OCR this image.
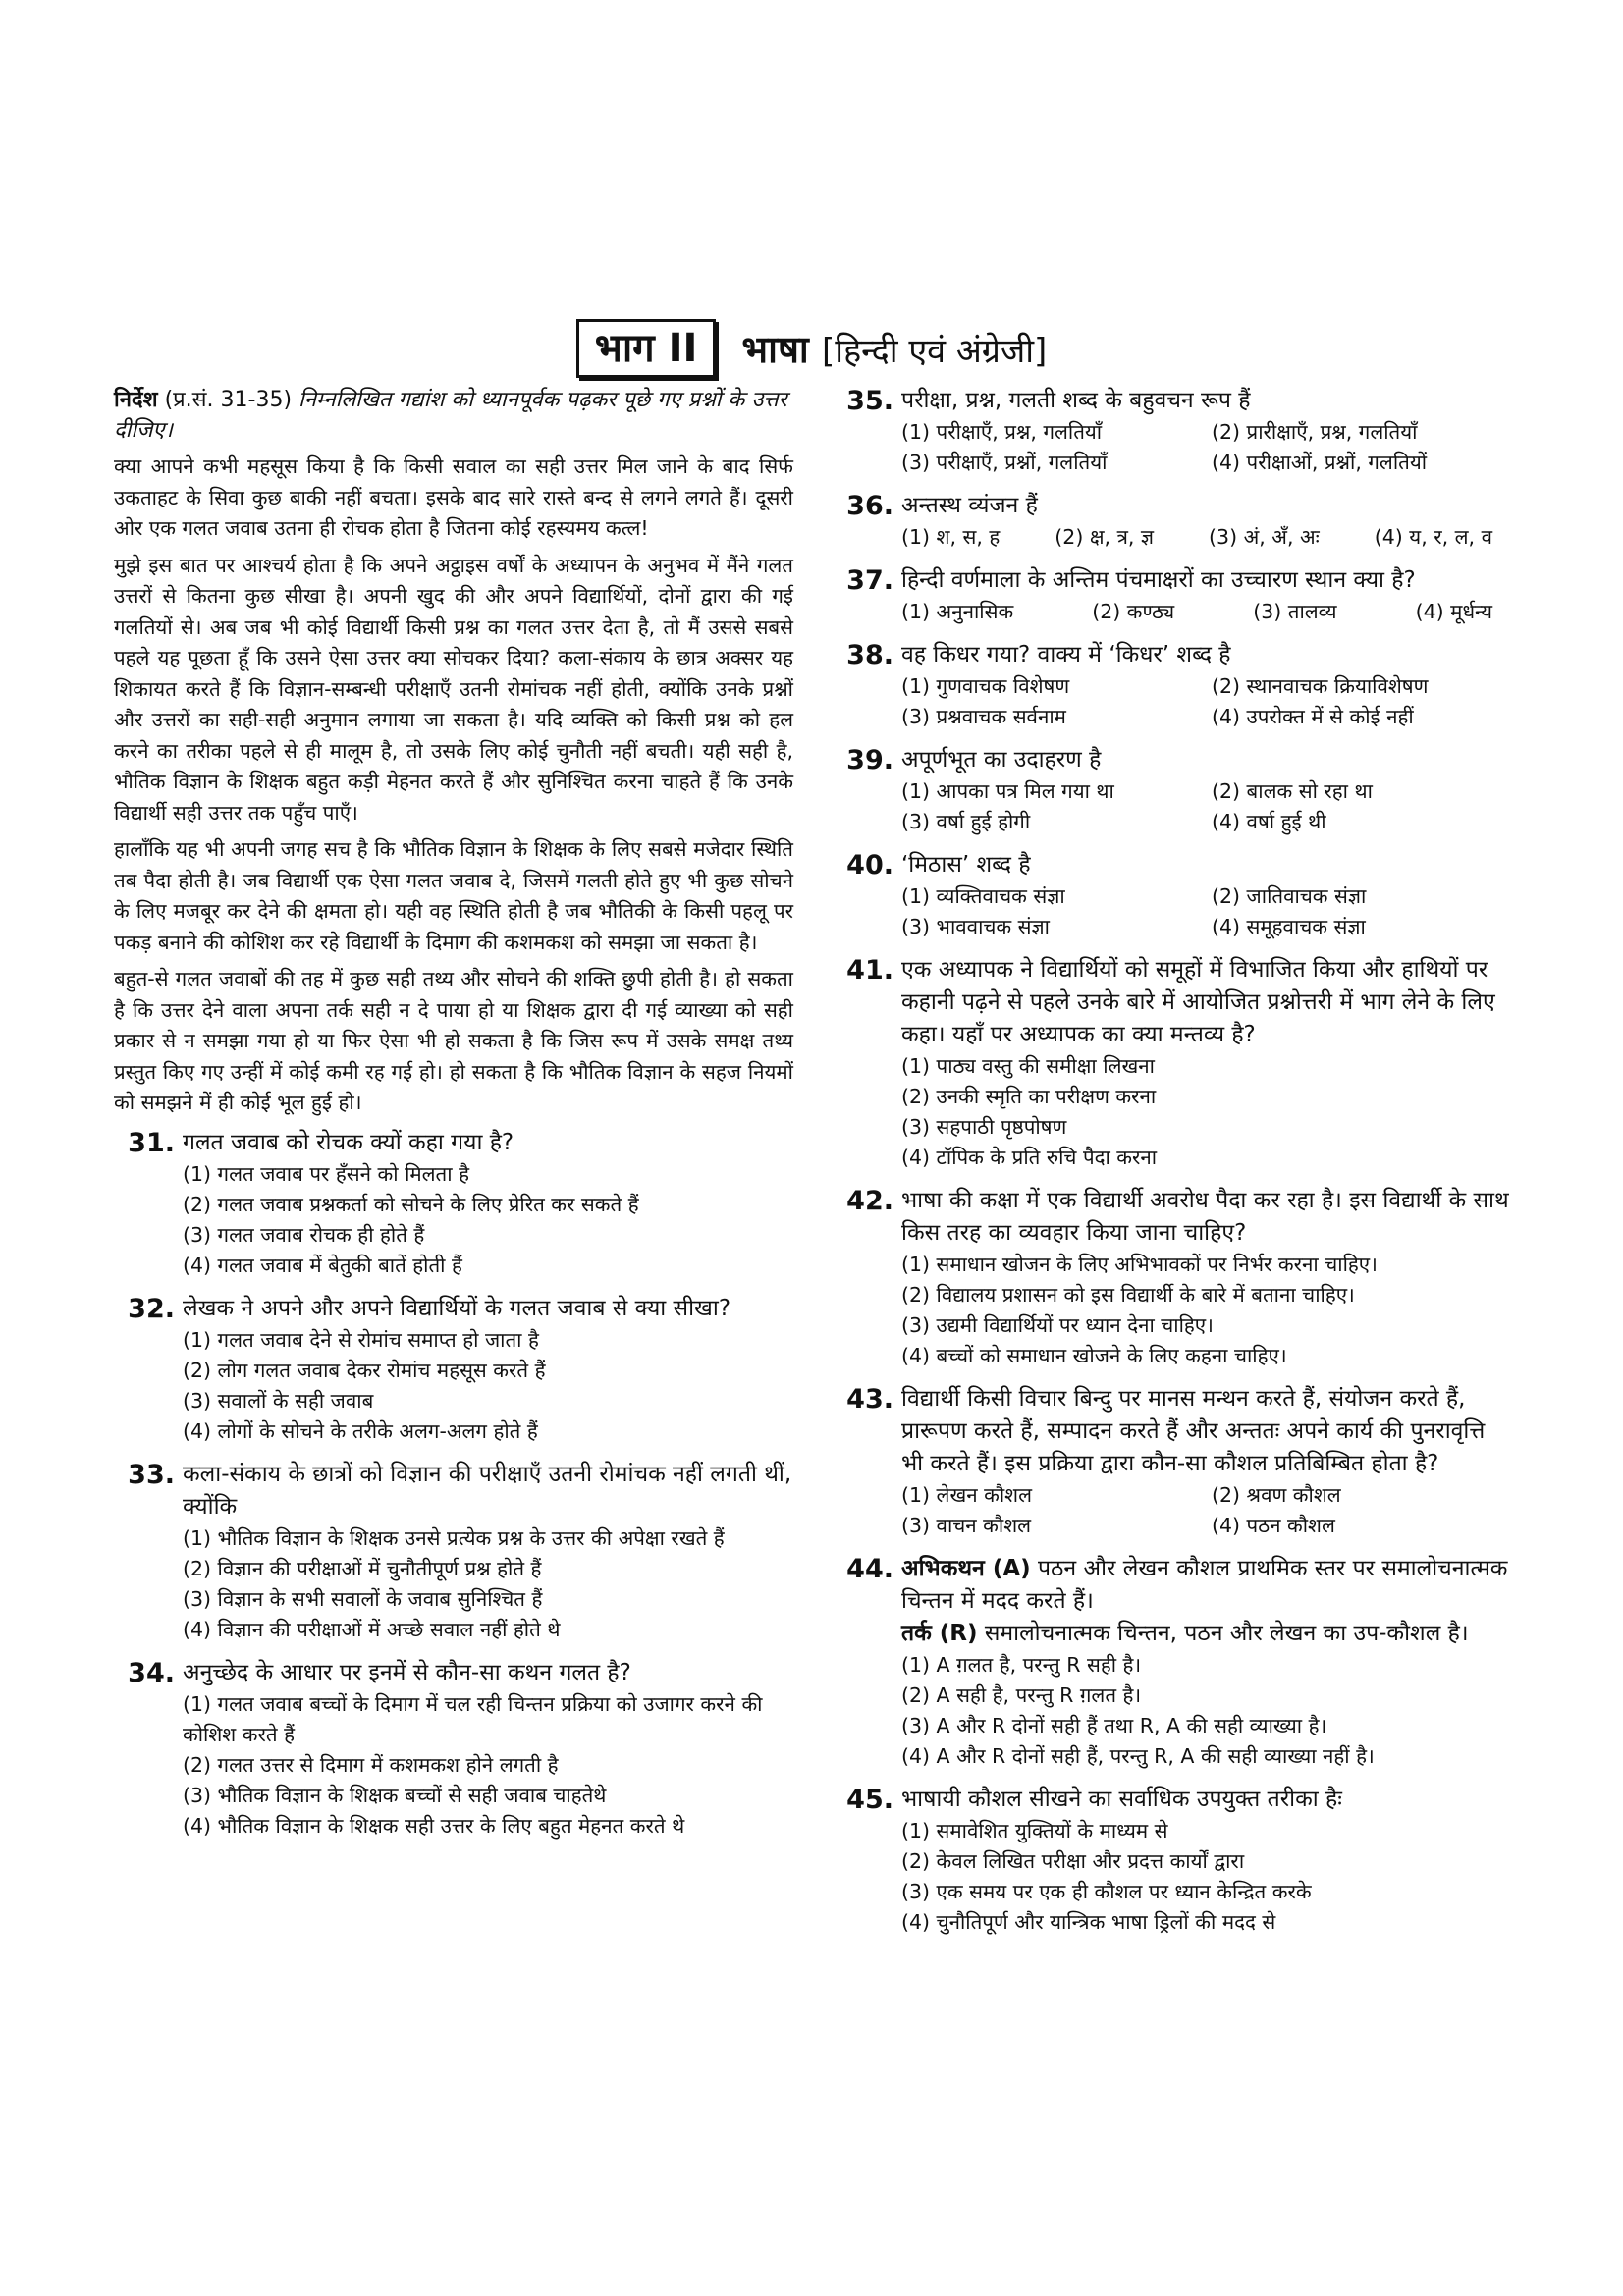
भाग II	भाषा [हिन्दी एवं अंग्रेजी]

निर्देश (प्र.सं. 31-35) निम्नलिखित गद्यांश को ध्यानपूर्वक पढ़कर पूछे गए प्रश्नों के उत्तर दीजिए।

क्या आपने कभी महसूस किया है कि किसी सवाल का सही उत्तर मिल जाने के बाद सिर्फ उकताहट के सिवा कुछ बाकी नहीं बचता। इसके बाद सारे रास्ते बन्द से लगने लगते हैं। दूसरी ओर एक गलत जवाब उतना ही रोचक होता है जितना कोई रहस्यमय कत्ल!

मुझे इस बात पर आश्चर्य होता है कि अपने अट्ठाइस वर्षों के अध्यापन के अनुभव में मैंने गलत उत्तरों से कितना कुछ सीखा है। अपनी खुद की और अपने विद्यार्थियों, दोनों द्वारा की गई गलतियों से। अब जब भी कोई विद्यार्थी किसी प्रश्न का गलत उत्तर देता है, तो मैं उससे सबसे पहले यह पूछता हूँ कि उसने ऐसा उत्तर क्या सोचकर दिया? कला-संकाय के छात्र अक्सर यह शिकायत करते हैं कि विज्ञान-सम्बन्धी परीक्षाएँ उतनी रोमांचक नहीं होती, क्योंकि उनके प्रश्नों और उत्तरों का सही-सही अनुमान लगाया जा सकता है। यदि व्यक्ति को किसी प्रश्न को हल करने का तरीका पहले से ही मालूम है, तो उसके लिए कोई चुनौती नहीं बचती। यही सही है, भौतिक विज्ञान के शिक्षक बहुत कड़ी मेहनत करते हैं और सुनिश्चित करना चाहते हैं कि उनके विद्यार्थी सही उत्तर तक पहुँच पाएँ।

हालाँकि यह भी अपनी जगह सच है कि भौतिक विज्ञान के शिक्षक के लिए सबसे मजेदार स्थिति तब पैदा होती है। जब विद्यार्थी एक ऐसा गलत जवाब दे, जिसमें गलती होते हुए भी कुछ सोचने के लिए मजबूर कर देने की क्षमता हो। यही वह स्थिति होती है जब भौतिकी के किसी पहलू पर पकड़ बनाने की कोशिश कर रहे विद्यार्थी के दिमाग की कशमकश को समझा जा सकता है।

बहुत-से गलत जवाबों की तह में कुछ सही तथ्य और सोचने की शक्ति छुपी होती है। हो सकता है कि उत्तर देने वाला अपना तर्क सही न दे पाया हो या शिक्षक द्वारा दी गई व्याख्या को सही प्रकार से न समझा गया हो या फिर ऐसा भी हो सकता है कि जिस रूप में उसके समक्ष तथ्य प्रस्तुत किए गए उन्हीं में कोई कमी रह गई हो। हो सकता है कि भौतिक विज्ञान के सहज नियमों को समझने में ही कोई भूल हुई हो।

31. गलत जवाब को रोचक क्यों कहा गया है?
(1) गलत जवाब पर हँसने को मिलता है
(2) गलत जवाब प्रश्नकर्ता को सोचने के लिए प्रेरित कर सकते हैं
(3) गलत जवाब रोचक ही होते हैं
(4) गलत जवाब में बेतुकी बातें होती हैं
32. लेखक ने अपने और अपने विद्यार्थियों के गलत जवाब से क्या सीखा?
(1) गलत जवाब देने से रोमांच समाप्त हो जाता है
(2) लोग गलत जवाब देकर रोमांच महसूस करते हैं
(3) सवालों के सही जवाब
(4) लोगों के सोचने के तरीके अलग-अलग होते हैं
33. कला-संकाय के छात्रों को विज्ञान की परीक्षाएँ उतनी रोमांचक नहीं लगती थीं, क्योंकि
(1) भौतिक विज्ञान के शिक्षक उनसे प्रत्येक प्रश्न के उत्तर की अपेक्षा रखते हैं
(2) विज्ञान की परीक्षाओं में चुनौतीपूर्ण प्रश्न होते हैं
(3) विज्ञान के सभी सवालों के जवाब सुनिश्चित हैं
(4) विज्ञान की परीक्षाओं में अच्छे सवाल नहीं होते थे
34. अनुच्छेद के आधार पर इनमें से कौन-सा कथन गलत है?
(1) गलत जवाब बच्चों के दिमाग में चल रही चिन्तन प्रक्रिया को उजागर करने की कोशिश करते हैं
(2) गलत उत्तर से दिमाग में कशमकश होने लगती है
(3) भौतिक विज्ञान के शिक्षक बच्चों से सही जवाब चाहतेथे
(4) भौतिक विज्ञान के शिक्षक सही उत्तर के लिए बहुत मेहनत करते थे
35. परीक्षा, प्रश्न, गलती शब्द के बहुवचन रूप हैं
(1) परीक्षाएँ, प्रश्न, गलतियाँ	(2) प्रारीक्षाएँ, प्रश्न, गलतियाँ
(3) परीक्षाएँ, प्रश्नों, गलतियाँ	(4) परीक्षाओं, प्रश्नों, गलतियों
36. अन्तस्थ व्यंजन हैं
(1) श, स, ह	(2) क्ष, त्र, ज्ञ	(3) अं, अँ, अः	(4) य, र, ल, व
37. हिन्दी वर्णमाला के अन्तिम पंचमाक्षरों का उच्चारण स्थान क्या है?
(1) अनुनासिक	(2) कण्ठ्य	(3) तालव्य	(4) मूर्धन्य
38. वह किधर गया? वाक्य में ‘किधर’ शब्द है
(1) गुणवाचक विशेषण	(2) स्थानवाचक क्रियाविशेषण
(3) प्रश्नवाचक सर्वनाम	(4) उपरोक्त में से कोई नहीं
39. अपूर्णभूत का उदाहरण है
(1) आपका पत्र मिल गया था	(2) बालक सो रहा था
(3) वर्षा हुई होगी	(4) वर्षा हुई थी
40. ‘मिठास’ शब्द है
(1) व्यक्तिवाचक संज्ञा	(2) जातिवाचक संज्ञा
(3) भाववाचक संज्ञा	(4) समूहवाचक संज्ञा
41. एक अध्यापक ने विद्यार्थियों को समूहों में विभाजित किया और हाथियों पर कहानी पढ़ने से पहले उनके बारे में आयोजित प्रश्नोत्तरी में भाग लेने के लिए कहा। यहाँ पर अध्यापक का क्या मन्तव्य है?
(1) पाठ्य वस्तु की समीक्षा लिखना
(2) उनकी स्मृति का परीक्षण करना
(3) सहपाठी पृष्ठपोषण
(4) टॉपिक के प्रति रुचि पैदा करना
42. भाषा की कक्षा में एक विद्यार्थी अवरोध पैदा कर रहा है। इस विद्यार्थी के साथ किस तरह का व्यवहार किया जाना चाहिए?
(1) समाधान खोजन के लिए अभिभावकों पर निर्भर करना चाहिए।
(2) विद्यालय प्रशासन को इस विद्यार्थी के बारे में बताना चाहिए।
(3) उद्यमी विद्यार्थियों पर ध्यान देना चाहिए।
(4) बच्चों को समाधान खोजने के लिए कहना चाहिए।
43. विद्यार्थी किसी विचार बिन्दु पर मानस मन्थन करते हैं, संयोजन करते हैं, प्रारूपण करते हैं, सम्पादन करते हैं और अन्ततः अपने कार्य की पुनरावृत्ति भी करते हैं। इस प्रक्रिया द्वारा कौन-सा कौशल प्रतिबिम्बित होता है?
(1) लेखन कौशल	(2) श्रवण कौशल
(3) वाचन कौशल	(4) पठन कौशल
44. अभिकथन (A) पठन और लेखन कौशल प्राथमिक स्तर पर समालोचनात्मक चिन्तन में मदद करते हैं।
तर्क (R) समालोचनात्मक चिन्तन, पठन और लेखन का उप-कौशल है।
(1) A ग़लत है, परन्तु R सही है।
(2) A सही है, परन्तु R ग़लत है।
(3) A और R दोनों सही हैं तथा R, A की सही व्याख्या है।
(4) A और R दोनों सही हैं, परन्तु R, A की सही व्याख्या नहीं है।
45. भाषायी कौशल सीखने का सर्वाधिक उपयुक्त तरीका हैः
(1) समावेशित युक्तियों के माध्यम से
(2) केवल लिखित परीक्षा और प्रदत्त कार्यों द्वारा
(3) एक समय पर एक ही कौशल पर ध्यान केन्द्रित करके
(4) चुनौतिपूर्ण और यान्त्रिक भाषा ड्रिलों की मदद से
